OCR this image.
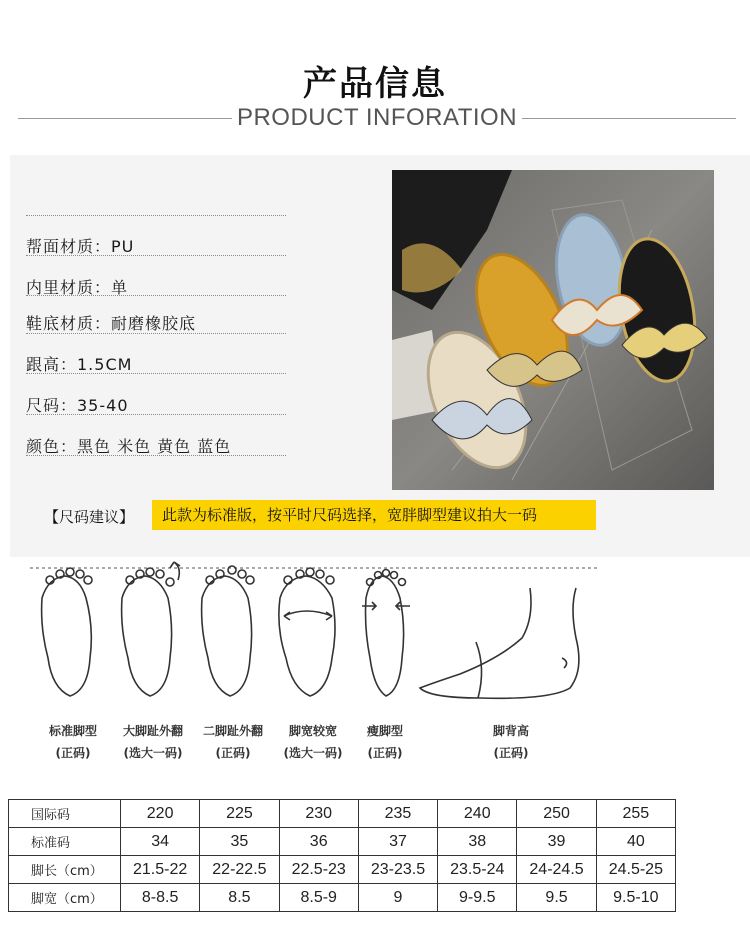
产品信息
PRODUCT INFORATION
帮面材质：PU
内里材质：单
鞋底材质：耐磨橡胶底
跟高：1.5CM
尺码：35-40
颜色：黑色 米色 黄色 蓝色
【尺码建议】	此款为标准版，按平时尺码选择，宽胖脚型建议拍大一码
标准脚型
(正码)
大脚趾外翻
(选大一码)
二脚趾外翻
(正码)
脚宽较宽
(选大一码)
瘦脚型
(正码)
脚背高
(正码)
国际码	220	225	230	235	240	250	255
标准码	34	35	36	37	38	39	40
脚长（cm）	21.5-22	22-22.5	22.5-23	23-23.5	23.5-24	24-24.5	24.5-25
脚宽（cm）	8-8.5	8.5	8.5-9	9	9-9.5	9.5	9.5-10
